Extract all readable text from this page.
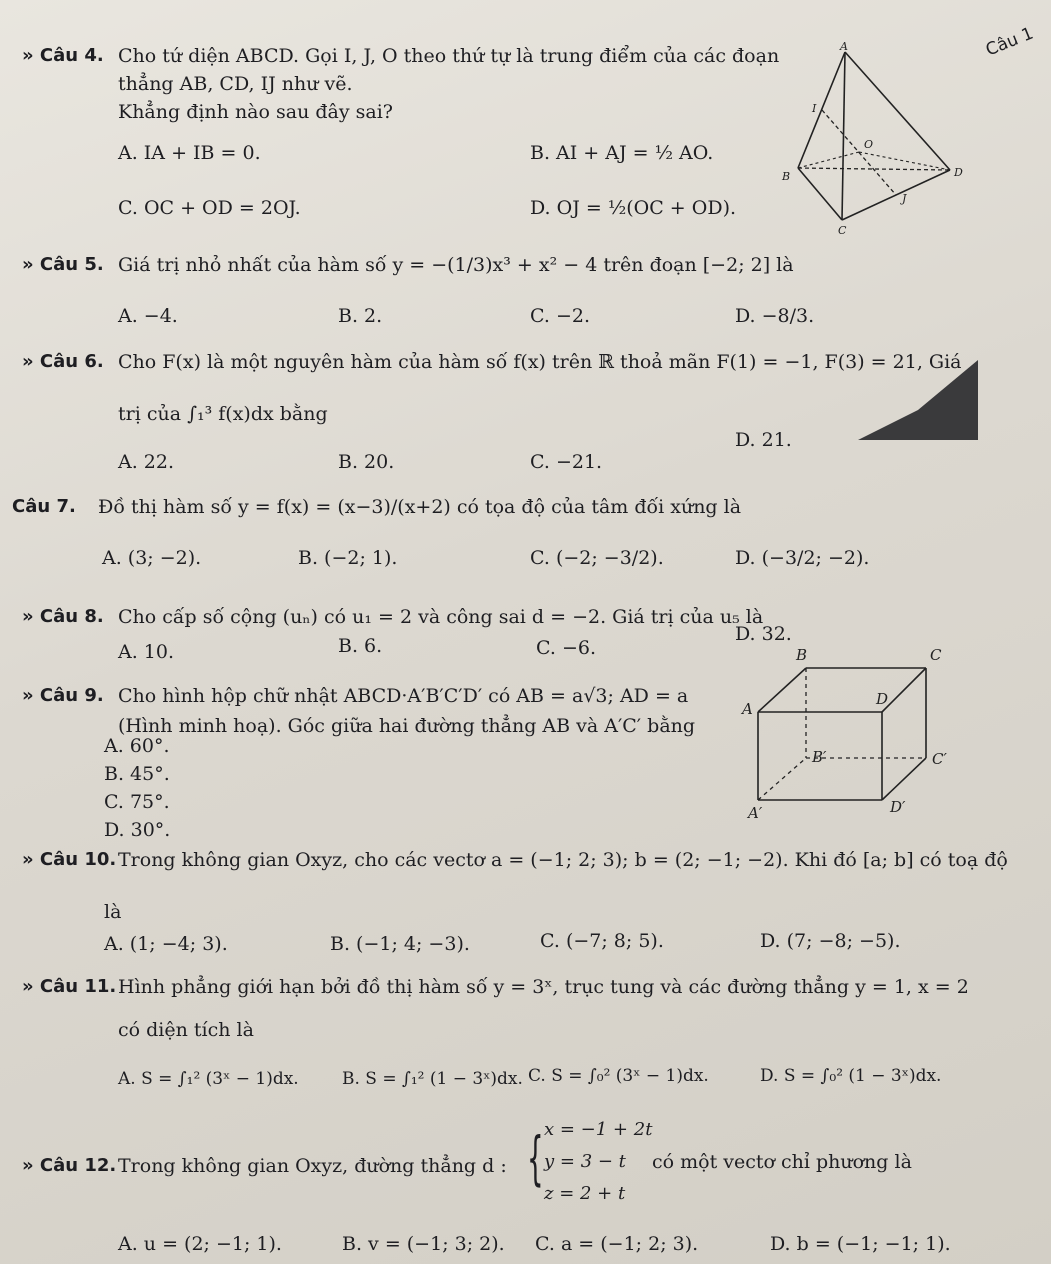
Câu 1
» Câu 4. Cho tứ diện ABCD. Gọi I, J, O theo thứ tự là trung điểm của các đoạn
thẳng AB, CD, IJ như vẽ.
Khẳng định nào sau đây sai?
A. IA + IB = 0.	B. AI + AJ = ½ AO.
C. OC + OD = 2OJ.	D. OJ = ½(OC + OD).
A
I
O
B	D
J
C
» Câu 5. Giá trị nhỏ nhất của hàm số y = −(1/3)x³ + x² − 4 trên đoạn [−2; 2] là
A. −4.	B. 2.	C. −2.	D. −8/3.
» Câu 6. Cho F(x) là một nguyên hàm của hàm số f(x) trên ℝ thoả mãn F(1) = −1, F(3) = 21, Giá
trị của ∫₁³ f(x)dx bằng
A. 22.	B. 20.	C. −21.
D. 21.
Câu 7. Đồ thị hàm số y = f(x) = (x−3)/(x+2) có tọa độ của tâm đối xứng là
A. (3; −2).	B. (−2; 1).	C. (−2; −3/2).	D. (−3/2; −2).
» Câu 8. Cho cấp số cộng (uₙ) có u₁ = 2 và công sai d = −2. Giá trị của u₅ là
A. 10.	B. 6.	C. −6.
D. 32.
» Câu 9. Cho hình hộp chữ nhật ABCD·A′B′C′D′ có AB = a√3; AD = a
(Hình minh hoạ). Góc giữa hai đường thẳng AB và A′C′ bằng
A. 60°.
B. 45°.
C. 75°.
D. 30°.
B	C
A
D
B′	C′
A′	D′
» Câu 10. Trong không gian Oxyz, cho các vectơ a = (−1; 2; 3); b = (2; −1; −2). Khi đó [a; b] có toạ độ
là
A. (1; −4; 3).	B. (−1; 4; −3).	C. (−7; 8; 5).	D. (7; −8; −5).
» Câu 11. Hình phẳng giới hạn bởi đồ thị hàm số y = 3ˣ, trục tung và các đường thẳng y = 1, x = 2
có diện tích là
A. S = ∫₁² (3ˣ − 1)dx.	B. S = ∫₁² (1 − 3ˣ)dx. C. S = ∫₀² (3ˣ − 1)dx.	D. S = ∫₀² (1 − 3ˣ)dx.
» Câu 12. Trong không gian Oxyz, đường thẳng d : { x = −1 + 2t
y = 3 − t
z = 2 + t
có một vectơ chỉ phương là
A. u = (2; −1; 1).	B. v = (−1; 3; 2). C. a = (−1; 2; 3).	D. b = (−1; −1; 1).
